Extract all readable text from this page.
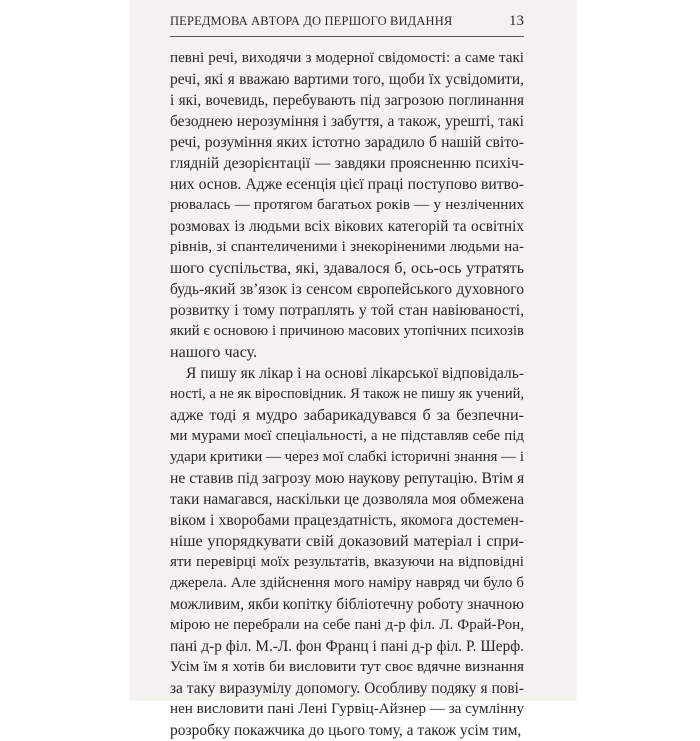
ПЕРЕДМОВА АВТОРА ДО ПЕРШОГО ВИДАННЯ	13
певні речі, виходячи з модерної свідомості: а саме такі
речі, які я вважаю вартими того, щоби їх усвідомити,
і які, вочевидь, перебувають під загрозою поглинання
безоднею нерозуміння і забуття, а також, урешті, такі
речі, розуміння яких істотно зарадило б нашій світо-
глядній дезорієнтації — завдяки проясненню психіч-
них основ. Адже есенція цієї праці поступово витво-
рювалась — протягом багатьох років — у незліченних
розмовах із людьми всіх вікових категорій та освітніх
рівнів, зі спантеличеними і знекоріненими людьми на-
шого суспільства, які, здавалося б, ось-ось утратять
будь-який зв’язок із сенсом європейського духовного
розвитку і тому потраплять у той стан навіюваності,
який є основою і причиною масових утопічних психозів
нашого часу.
Я пишу як лікар і на основі лікарської відповідаль-
ності, а не як віросповідник. Я також не пишу як учений,
адже тоді я мудро забарикадувався б за безпечни-
ми мурами моєї спеціальності, а не підставляв себе під
удари критики — через мої слабкі історичні знання — і
не ставив під загрозу мою наукову репутацію. Втім я
таки намагався, наскільки це дозволяла моя обмежена
віком і хворобами працездатність, якомога достемен-
ніше упорядкувати свій доказовий матеріал і спри-
яти перевірці моїх результатів, вказуючи на відповідні
джерела. Але здійснення мого наміру навряд чи було б
можливим, якби копітку бібліотечну роботу значною
мірою не перебрали на себе пані д-р філ. Л. Фрай-Рон,
пані д-р філ. М.-Л. фон Франц і пані д-р філ. Р. Шерф.
Усім їм я хотів би висловити тут своє вдячне визнання
за таку виразумілу допомогу. Особливу подяку я пові-
нен висловити пані Лені Гурвіц-Айзнер — за сумлінну
розробку покажчика до цього тому, а також усім тим,
